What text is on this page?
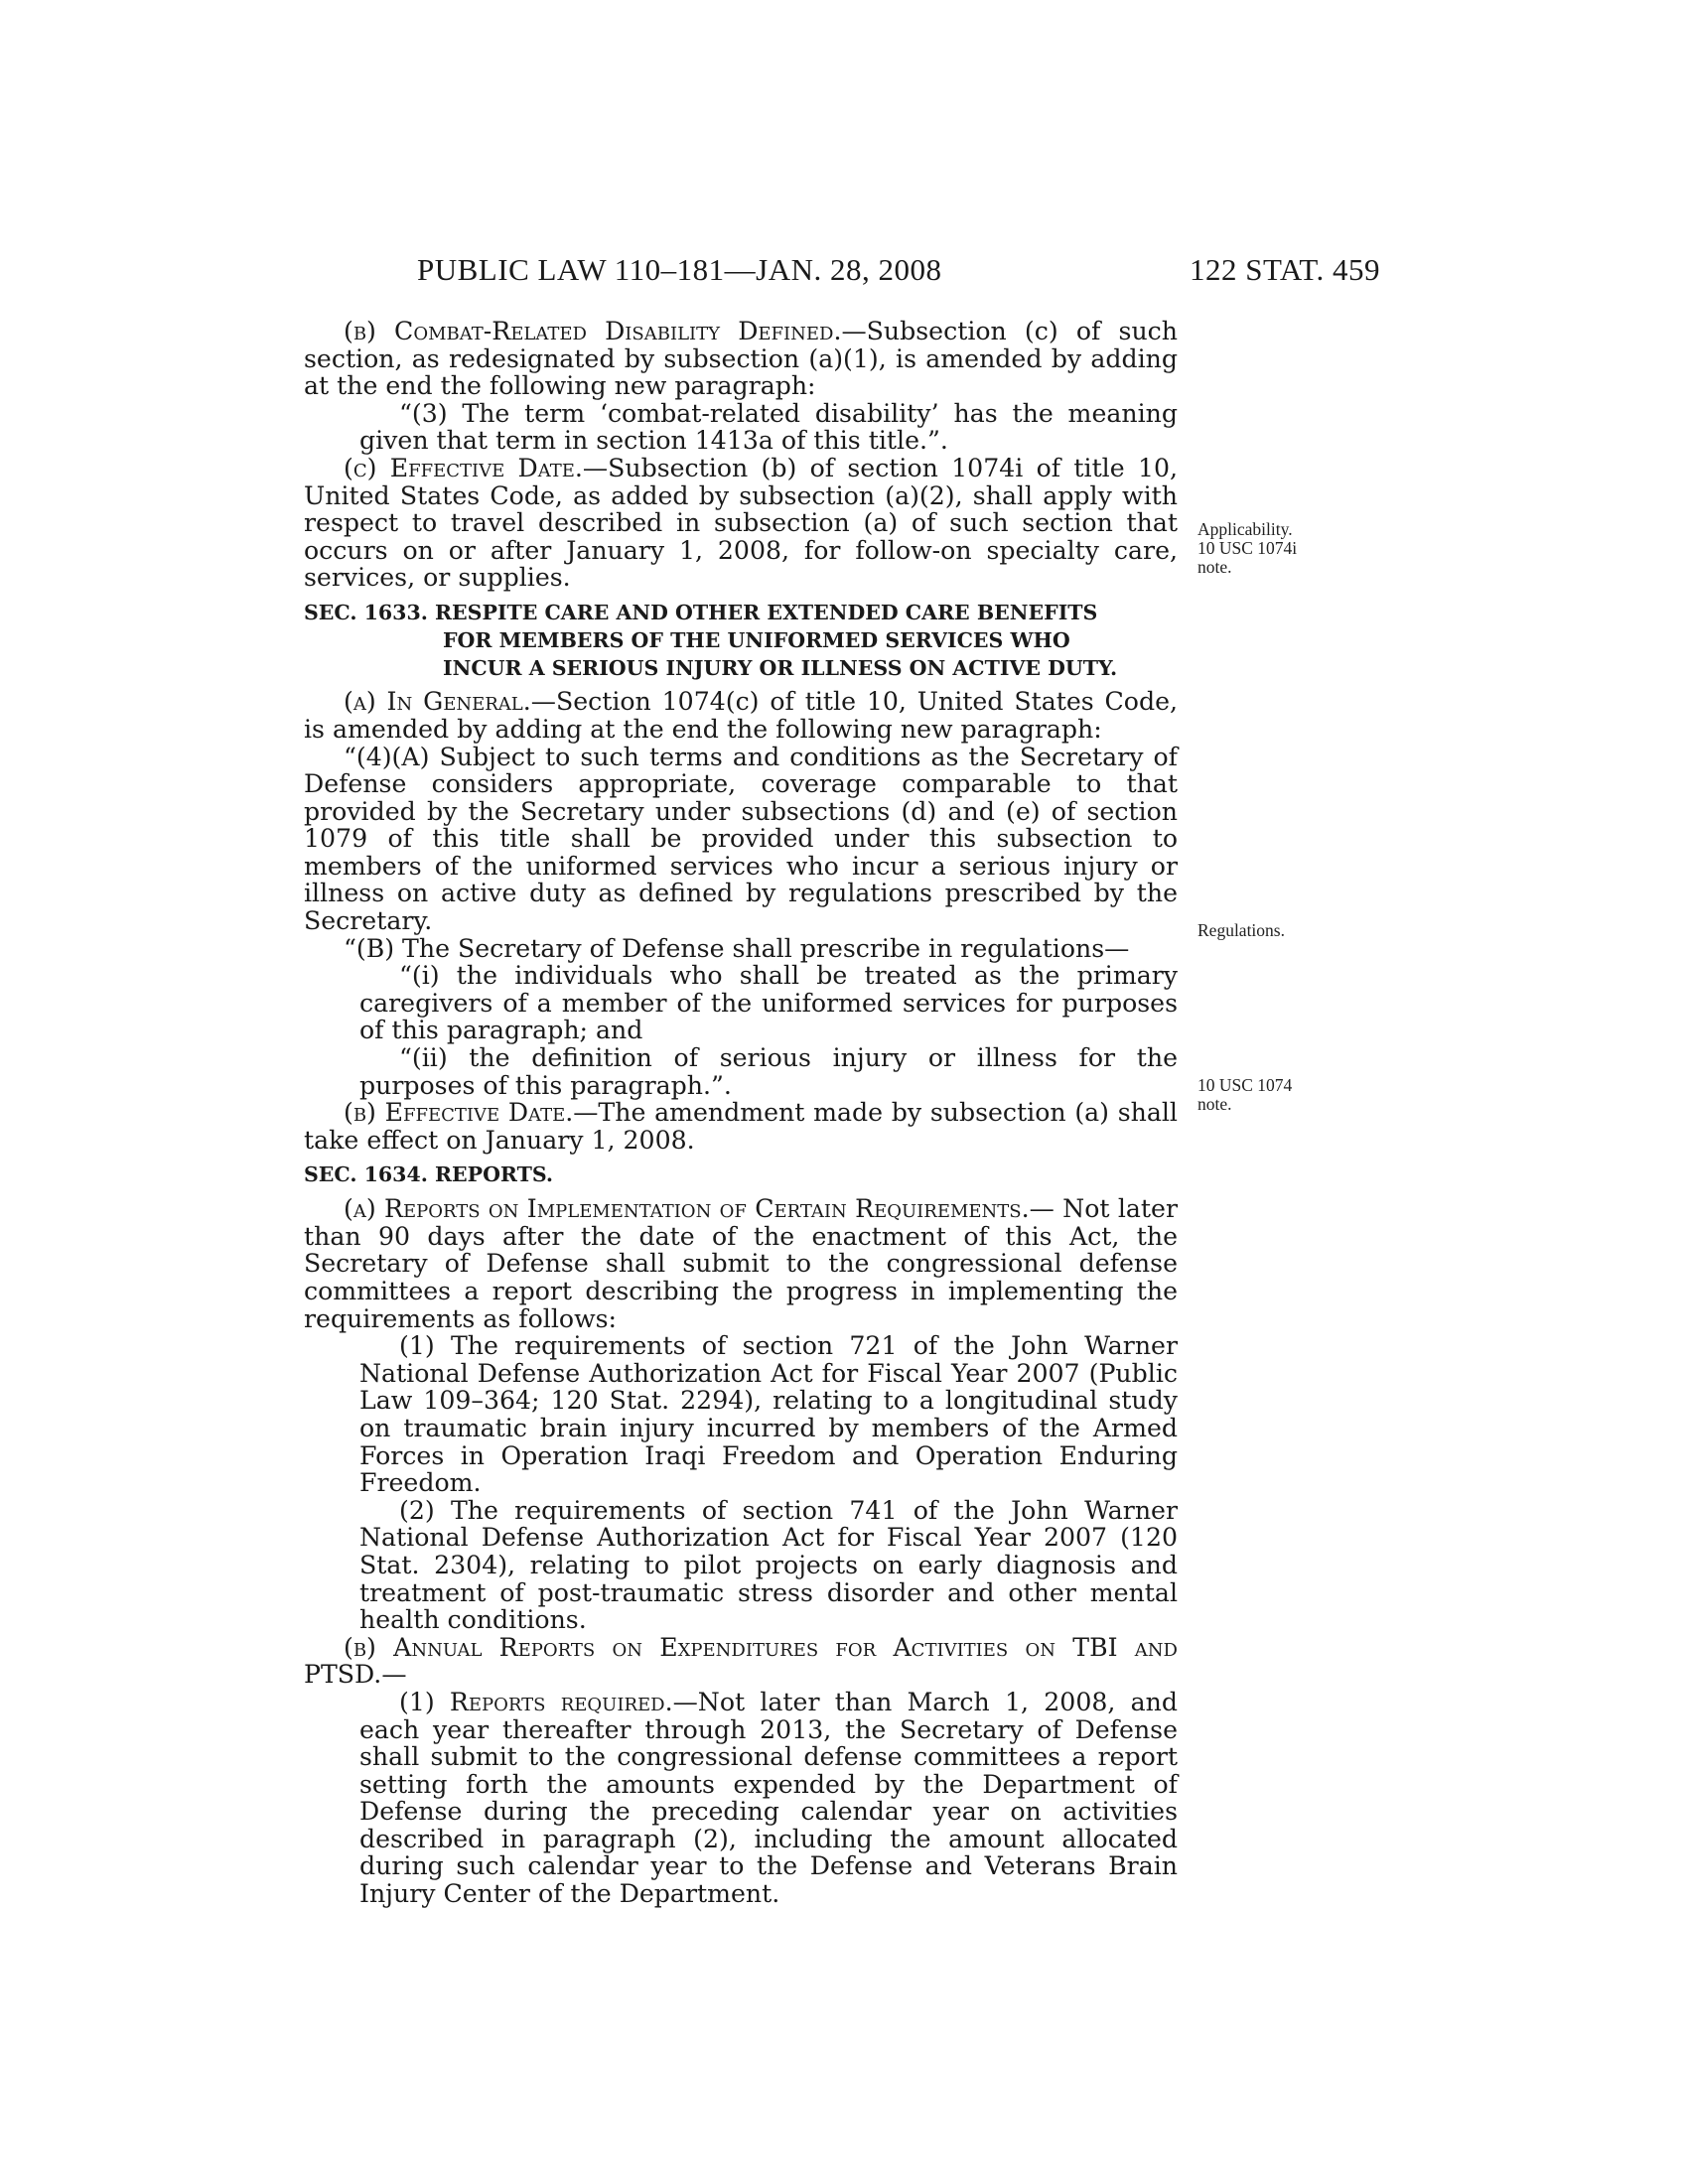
PUBLIC LAW 110–181—JAN. 28, 2008	122 STAT. 459

(b) Combat-Related Disability Defined.—Subsection (c) of such section, as redesignated by subsection (a)(1), is amended by adding at the end the following new paragraph:

“(3) The term ‘combat-related disability’ has the meaning given that term in section 1413a of this title.”.

(c) Effective Date.—Subsection (b) of section 1074i of title 10, United States Code, as added by subsection (a)(2), shall apply with respect to travel described in subsection (a) of such section that occurs on or after January 1, 2008, for follow-on specialty care, services, or supplies.

SEC. 1633. RESPITE CARE AND OTHER EXTENDED CARE BENEFITS
FOR MEMBERS OF THE UNIFORMED SERVICES WHO
INCUR A SERIOUS INJURY OR ILLNESS ON ACTIVE DUTY.

(a) In General.—Section 1074(c) of title 10, United States Code, is amended by adding at the end the following new paragraph:

“(4)(A) Subject to such terms and conditions as the Secretary of Defense considers appropriate, coverage comparable to that provided by the Secretary under subsections (d) and (e) of section 1079 of this title shall be provided under this subsection to members of the uniformed services who incur a serious injury or illness on active duty as defined by regulations prescribed by the Secretary.

“(B) The Secretary of Defense shall prescribe in regulations—

“(i) the individuals who shall be treated as the primary caregivers of a member of the uniformed services for purposes of this paragraph; and

“(ii) the definition of serious injury or illness for the purposes of this paragraph.”.

(b) Effective Date.—The amendment made by subsection (a) shall take effect on January 1, 2008.

SEC. 1634. REPORTS.

(a) Reports on Implementation of Certain Requirements.— Not later than 90 days after the date of the enactment of this Act, the Secretary of Defense shall submit to the congressional defense committees a report describing the progress in implementing the requirements as follows:

(1) The requirements of section 721 of the John Warner National Defense Authorization Act for Fiscal Year 2007 (Public Law 109–364; 120 Stat. 2294), relating to a longitudinal study on traumatic brain injury incurred by members of the Armed Forces in Operation Iraqi Freedom and Operation Enduring Freedom.

(2) The requirements of section 741 of the John Warner National Defense Authorization Act for Fiscal Year 2007 (120 Stat. 2304), relating to pilot projects on early diagnosis and treatment of post-traumatic stress disorder and other mental health conditions.

(b) Annual Reports on Expenditures for Activities on TBI and PTSD.—

(1) Reports required.—Not later than March 1, 2008, and each year thereafter through 2013, the Secretary of Defense shall submit to the congressional defense committees a report setting forth the amounts expended by the Department of Defense during the preceding calendar year on activities described in paragraph (2), including the amount allocated during such calendar year to the Defense and Veterans Brain Injury Center of the Department.

Applicability.
10 USC 1074i
note.
Regulations.
10 USC 1074
note.
